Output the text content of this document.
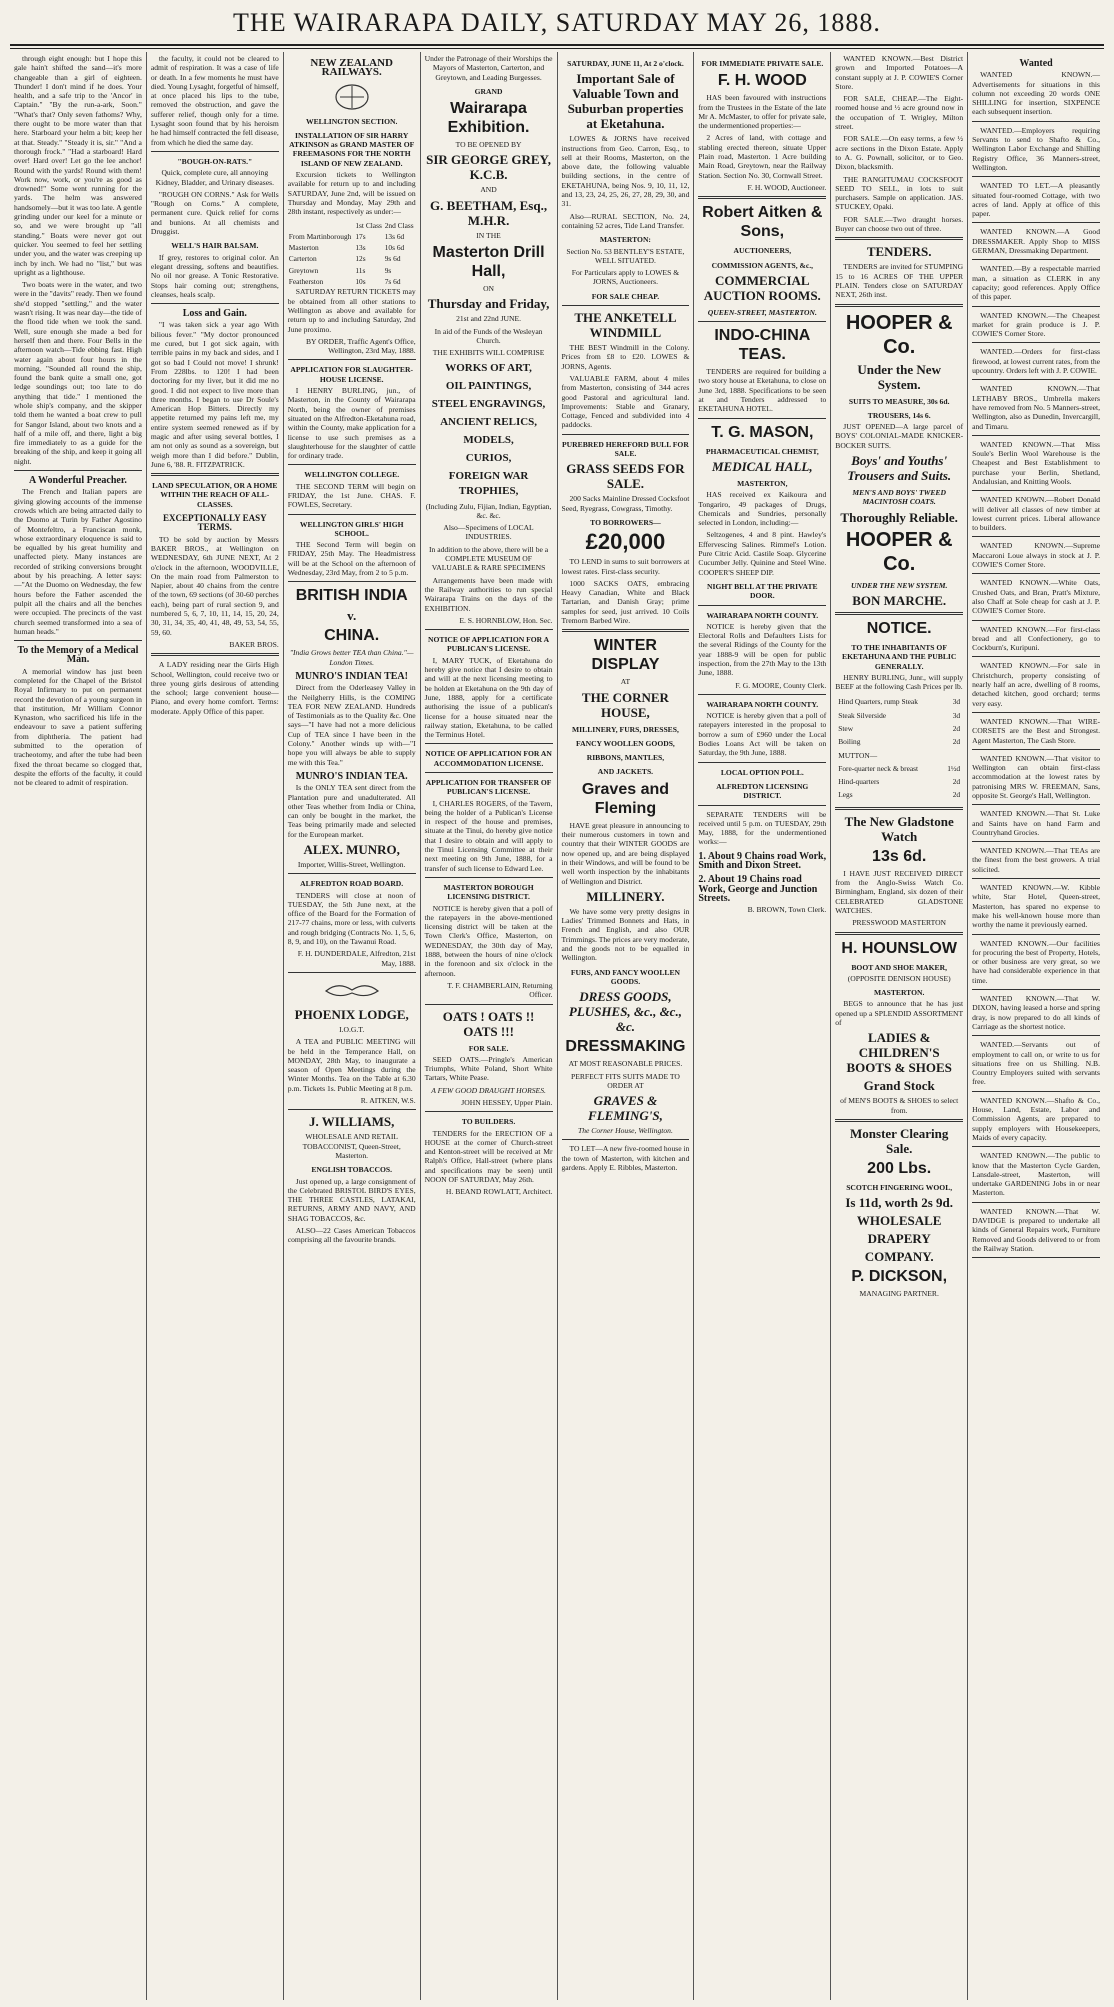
THE WAIRARAPA DAILY, SATURDAY MAY 26, 1888.

through eight enough: but I hope this gale hain't shifted the sand—it's more changeable than a girl of eighteen. Thunder! I don't mind if he does. Your health, and a safe trip to the 'Ancor' in Captain." "By the run-a-ark, Soon." "What's that? Only seven fathoms? Why, there ought to be more water than that here. Starboard your helm a bit; keep her at that. Steady." "Steady it is, sir." "And a thorough frock." "Had a starboard! Hard over! Hard over! Let go the lee anchor! Round with the yards! Round with them! Work now, work, or you're as good as drowned!" Some went running for the yards. The helm was answered handsomely—but it was too late. A gentle grinding under our keel for a minute or so, and we were brought up "all standing." Boats were never got out quicker. You seemed to feel her settling under you, and the water was creeping up inch by inch. We had no "list," but was upright as a lighthouse.

Two boats were in the water, and two were in the "davits" ready. Then we found she'd stopped "settling," and the water wasn't rising. It was near day—the tide of the flood tide when we took the sand. Well, sure enough she made a bed for herself then and there. Four Bells in the afternoon watch—Tide ebbing fast. High water again about four hours in the morning. "Sounded all round the ship, found the bank quite a small one, got ledge soundings out; too late to do anything that tide." I mentioned the whole ship's company, and the skipper told them he wanted a boat crew to pull for Sangor Island, about two knots and a half of a mile off, and there, light a big fire immediately to as a guide for the breaking of the ship, and keep it going all night.

A Wonderful Preacher.

The French and Italian papers are giving glowing accounts of the immense crowds which are being attracted daily to the Duomo at Turin by Father Agostino of Montefeltro, a Franciscan monk, whose extraordinary eloquence is said to be equalled by his great humility and unaffected piety. Many instances are recorded of striking conversions brought about by his preaching. A letter says:—"At the Duomo on Wednesday, the few hours before the Father ascended the pulpit all the chairs and all the benches were occupied. The precincts of the vast church seemed transformed into a sea of human heads."

To the Memory of a Medical Man.

A memorial window has just been completed for the Chapel of the Bristol Royal Infirmary to put on permanent record the devotion of a young surgeon in that institution, Mr William Connor Kynaston, who sacrificed his life in the endeavour to save a patient suffering from diphtheria. The patient had submitted to the operation of tracheotomy, and after the tube had been fixed the throat became so clogged that, despite the efforts of the faculty, it could not be cleared to admit of respiration.

the faculty, it could not be cleared to admit of respiration. It was a case of life or death. In a few moments he must have died. Young Lysaght, forgetful of himself, at once placed his lips to the tube, removed the obstruction, and gave the sufferer relief, though only for a time. Lysaght soon found that by his heroism he had himself contracted the fell disease, from which he died the same day.

"BOUGH-ON-RATS."

Quick, complete cure, all annoying Kidney, Bladder, and Urinary diseases.

"ROUGH ON CORNS." Ask for Wells "Rough on Corns." A complete, permanent cure. Quick relief for corns and bunions. At all chemists and Druggist.

WELL'S HAIR BALSAM.

If grey, restores to original color. An elegant dressing, softens and beautifies. No oil nor grease. A Tonic Restorative. Stops hair coming out; strengthens, cleanses, heals scalp.

Loss and Gain.

"I was taken sick a year ago With bilious fever." "My doctor pronounced me cured, but I got sick again, with terrible pains in my back and sides, and I got so bad I Could not move! I shrunk! From 228lbs. to 120! I had been doctoring for my liver, but it did me no good. I did not expect to live more than three months. I began to use Dr Soule's American Hop Bitters. Directly my appetite returned my pains left me, my entire system seemed renewed as if by magic and after using several bottles, I am not only as sound as a sovereign, but weigh more than I did before." Dublin, June 6, '88. R. FITZPATRICK.

LAND SPECULATION, OR A HOME WITHIN THE REACH OF ALL-CLASSES.
EXCEPTIONALLY EASY TERMS.

TO be sold by auction by Messrs BAKER BROS., at Wellington on WEDNESDAY, 6th JUNE NEXT, At 2 o'clock in the afternoon, WOODVILLE, On the main road from Palmerston to Napier, about 40 chains from the centre of the town, 69 sections (of 30-60 perches each), being part of rural section 9, and numbered 5, 6, 7, 10, 11, 14, 15, 20, 24, 30, 31, 34, 35, 40, 41, 48, 49, 53, 54, 55, 59, 60.

BAKER BROS.

A LADY residing near the Girls High School, Wellington, could receive two or three young girls desirous of attending the school; large convenient house—Piano, and every home comfort. Terms: moderate. Apply Office of this paper.

NEW ZEALAND RAILWAYS.
WELLINGTON SECTION.
INSTALLATION OF SIR HARRY ATKINSON as GRAND MASTER OF FREEMASONS FOR THE NORTH ISLAND OF NEW ZEALAND.

Excursion tickets to Wellington available for return up to and including SATURDAY, June 2nd, will be issued on Thursday and Monday, May 29th and 28th instant, respectively as under:—

	1st Class	2nd Class
From Martinborough	17s	13s 6d
Masterton	13s	10s 6d
Carterton	12s	9s 6d
Greytown	11s	9s
Featherston	10s	7s 6d

SATURDAY RETURN TICKETS may be obtained from all other stations to Wellington as above and available for return up to and including Saturday, 2nd June proximo.

BY ORDER, Traffic Agent's Office, Wellington, 23rd May, 1888.

APPLICATION FOR SLAUGHTER-HOUSE LICENSE.

I HENRY BURLING, jun., of Masterton, in the County of Wairarapa North, being the owner of premises situated on the Alfredton-Eketahuna road, within the County, make application for a license to use such premises as a slaughterhouse for the slaughter of cattle for ordinary trade.

WELLINGTON COLLEGE.

THE SECOND TERM will begin on FRIDAY, the 1st June. CHAS. F. FOWLES, Secretary.

WELLINGTON GIRLS' HIGH SCHOOL.

THE Second Term will begin on FRIDAY, 25th May. The Headmistress will be at the School on the afternoon of Wednesday, 23rd May, from 2 to 5 p.m.

BRITISH INDIA
v.
CHINA.

"India Grows better TEA than China."—London Times.

MUNRO'S INDIAN TEA!

Direct from the Oderleasey Valley in the Neilgherry Hills, is the COMING TEA FOR NEW ZEALAND. Hundreds of Testimonials as to the Quality &c. One says—"I have had not a more delicious Cup of TEA since I have been in the Colony." Another winds up with—"I hope you will always be able to supply me with this Tea."

MUNRO'S INDIAN TEA.

Is the ONLY TEA sent direct from the Plantation pure and unadulterated. All other Teas whether from India or China, can only be bought in the market, the Teas being primarily made and selected for the European market.

ALEX. MUNRO,

Importer, Willis-Street, Wellington.

ALFREDTON ROAD BOARD.

TENDERS will close at noon of TUESDAY, the 5th June next, at the office of the Board for the Formation of 217-77 chains, more or less, with culverts and rough bridging (Contracts No. 1, 5, 6, 8, 9, and 10), on the Tawanui Road.

F. H. DUNDERDALE, Alfredton, 21st May, 1888.

PHOENIX LODGE,

I.O.G.T.

A TEA and PUBLIC MEETING will be held in the Temperance Hall, on MONDAY, 28th May, to inaugurate a season of Open Meetings during the Winter Months. Tea on the Table at 6.30 p.m. Tickets 1s. Public Meeting at 8 p.m.

R. AITKEN, W.S.

J. WILLIAMS,

WHOLESALE AND RETAIL TOBACCONIST, Queen-Street, Masterton.

ENGLISH TOBACCOS.

Just opened up, a large consignment of the Celebrated BRISTOL BIRD'S EYES, THE THREE CASTLES, LATAKAI, RETURNS, ARMY AND NAVY, AND SHAG TOBACCOS, &c.

ALSO—22 Cases American Tobaccos comprising all the favourite brands.

Under the Patronage of their Worships the Mayors of Masterton, Carterton, and Greytown, and Leading Burgesses.

GRAND
Wairarapa Exhibition.

TO BE OPENED BY

SIR GEORGE GREY, K.C.B.

AND

G. BEETHAM, Esq., M.H.R.

IN THE

Masterton Drill Hall,

ON

Thursday and Friday,

21st and 22nd JUNE.

In aid of the Funds of the Wesleyan Church.

THE EXHIBITS WILL COMPRISE

WORKS OF ART,
OIL PAINTINGS,
STEEL ENGRAVINGS,
ANCIENT RELICS,
MODELS,
CURIOS,
FOREIGN WAR TROPHIES,

(Including Zulu, Fijian, Indian, Egyptian, &c. &c.

Also—Specimens of LOCAL INDUSTRIES.

In addition to the above, there will be a COMPLETE MUSEUM OF VALUABLE & RARE SPECIMENS

Arrangements have been made with the Railway authorities to run special Wairarapa Trains on the days of the EXHIBITION.

E. S. HORNBLOW, Hon. Sec.

NOTICE OF APPLICATION FOR A PUBLICAN'S LICENSE.

I, MARY TUCK, of Eketahuna do hereby give notice that I desire to obtain and will at the next licensing meeting to be holden at Eketahuna on the 9th day of June, 1888, apply for a certificate authorising the issue of a publican's license for a house situated near the railway station, Eketahuna, to be called the Terminus Hotel.

NOTICE OF APPLICATION FOR AN ACCOMMODATION LICENSE.
APPLICATION FOR TRANSFER OF PUBLICAN'S LICENSE.

I, CHARLES ROGERS, of the Tavern, being the holder of a Publican's License in respect of the house and premises, situate at the Tinui, do hereby give notice that I desire to obtain and will apply to the Tinui Licensing Committee at their next meeting on 9th June, 1888, for a transfer of such license to Edward Lee.

MASTERTON BOROUGH LICENSING DISTRICT.

NOTICE is hereby given that a poll of the ratepayers in the above-mentioned licensing district will be taken at the Town Clerk's Office, Masterton, on WEDNESDAY, the 30th day of May, 1888, between the hours of nine o'clock in the forenoon and six o'clock in the afternoon.

T. F. CHAMBERLAIN, Returning Officer.

OATS ! OATS !! OATS !!!
FOR SALE.

SEED OATS.—Pringle's American Triumphs, White Poland, Short White Tartars, White Pease.

A FEW GOOD DRAUGHT HORSES.

JOHN HESSEY, Upper Plain.

TO BUILDERS.

TENDERS for the ERECTION OF a HOUSE at the corner of Church-street and Kenton-street will be received at Mr Ralph's Office, Hall-street (where plans and specifications may be seen) until NOON OF SATURDAY, May 26th.

H. BEAND ROWLATT, Architect.

SATURDAY, JUNE 11, At 2 o'clock.
Important Sale of Valuable Town and Suburban properties at Eketahuna.

LOWES & JORNS have received instructions from Geo. Carron, Esq., to sell at their Rooms, Masterton, on the above date, the following valuable building sections, in the centre of EKETAHUNA, being Nos. 9, 10, 11, 12, and 13, 23, 24, 25, 26, 27, 28, 29, 30, and 31.

Also—RURAL SECTION, No. 24, containing 52 acres, Tide Land Transfer.

MASTERTON:

Section No. 53 BENTLEY'S ESTATE, WELL SITUATED.

For Particulars apply to LOWES & JORNS, Auctioneers.

FOR SALE CHEAP.
THE ANKETELL WINDMILL

THE BEST Windmill in the Colony. Prices from £8 to £20. LOWES & JORNS, Agents.

VALUABLE FARM, about 4 miles from Masterton, consisting of 344 acres good Pastoral and agricultural land. Improvements: Stable and Granary, Cottage, Fenced and subdivided into 4 paddocks.

PUREBRED HEREFORD BULL FOR SALE.
GRASS SEEDS FOR SALE.

200 Sacks Mainline Dressed Cocksfoot Seed, Ryegrass, Cowgrass, Timothy.

TO BORROWERS—
£20,000

TO LEND in sums to suit borrowers at lowest rates. First-class security.

1000 SACKS OATS, embracing Heavy Canadian, White and Black Tartarian, and Danish Gray; prime samples for seed, just arrived. 10 Coils Tremorn Barbed Wire.

WINTER DISPLAY

AT

THE CORNER HOUSE,
MILLINERY, FURS, DRESSES,
FANCY WOOLLEN GOODS,
RIBBONS, MANTLES,
AND JACKETS.
Graves and Fleming

HAVE great pleasure in announcing to their numerous customers in town and country that their WINTER GOODS are now opened up, and are being displayed in their Windows, and will be found to be well worth inspection by the inhabitants of Wellington and District.

MILLINERY.

We have some very pretty designs in Ladies' Trimmed Bonnets and Hats, in French and English, and also OUR Trimmings. The prices are very moderate, and the goods not to be equalled in Wellington.

FURS, AND FANCY WOOLLEN GOODS.
DRESS GOODS, PLUSHES, &c., &c., &c.
DRESSMAKING

AT MOST REASONABLE PRICES.

PERFECT FITS SUITS MADE TO ORDER AT

GRAVES & FLEMING'S,

The Corner House, Wellington.

TO LET—A new five-roomed house in the town of Masterton, with kitchen and gardens. Apply E. Ribbles, Masterton.

FOR IMMEDIATE PRIVATE SALE.
F. H. WOOD

HAS been favoured with instructions from the Trustees in the Estate of the late Mr A. McMaster, to offer for private sale, the undermentioned properties:—

2 Acres of land, with cottage and stabling erected thereon, situate Upper Plain road, Masterton. 1 Acre building Main Road, Greytown, near the Railway Station. Section No. 30, Cornwall Street.

F. H. WOOD, Auctioneer.

Robert Aitken & Sons,
AUCTIONEERS,
COMMISSION AGENTS, &c.,
COMMERCIAL AUCTION ROOMS.
QUEEN-STREET, MASTERTON.
INDO-CHINA TEAS.

TENDERS are required for building a two story house at Eketahuna, to close on June 3rd, 1888. Specifications to be seen at and Tenders addressed to EKETAHUNA HOTEL.

T. G. MASON,
PHARMACEUTICAL CHEMIST,
MEDICAL HALL,
MASTERTON,

HAS received ex Kaikoura and Tongariro, 49 packages of Drugs, Chemicals and Sundries, personally selected in London, including:—

Seltzogenes, 4 and 8 pint. Hawley's Effervescing Salines. Rimmel's Lotion. Pure Citric Acid. Castile Soap. Glycerine Cucumber Jelly. Quinine and Steel Wine. COOPER'S SHEEP DIP.

NIGHT BELL AT THE PRIVATE DOOR.
WAIRARAPA NORTH COUNTY.

NOTICE is hereby given that the Electoral Rolls and Defaulters Lists for the several Ridings of the County for the year 1888-9 will be open for public inspection, from the 27th May to the 13th June, 1888.

F. G. MOORE, County Clerk.

WAIRARAPA NORTH COUNTY.

NOTICE is hereby given that a poll of ratepayers interested in the proposal to borrow a sum of £960 under the Local Bodies Loans Act will be taken on Saturday, the 9th June, 1888.

LOCAL OPTION POLL.
ALFREDTON LICENSING DISTRICT.

SEPARATE TENDERS will be received until 5 p.m. on TUESDAY, 29th May, 1888, for the undermentioned works:—

1. About 9 Chains road Work, Smith and Dixon Street.
2. About 19 Chains road Work, George and Junction Streets.

B. BROWN, Town Clerk.

WANTED KNOWN.—Best District grown and Imported Potatoes—A constant supply at J. P. COWIE'S Corner Store.

FOR SALE, CHEAP.—The Eight-roomed house and ½ acre ground now in the occupation of T. Wrigley, Milton street.

FOR SALE.—On easy terms, a few ½ acre sections in the Dixon Estate. Apply to A. G. Pownall, solicitor, or to Geo. Dixon, blacksmith.

THE RANGITUMAU COCKSFOOT SEED TO SELL, in lots to suit purchasers. Sample on application. JAS. STUCKEY, Opaki.

FOR SALE.—Two draught horses. Buyer can choose two out of three.

TENDERS.

TENDERS are invited for STUMPING 15 to 16 ACRES OF THE UPPER PLAIN. Tenders close on SATURDAY NEXT, 26th inst.

HOOPER & Co.
Under the New System.
SUITS TO MEASURE, 30s 6d.
TROUSERS, 14s 6.

JUST OPENED—A large parcel of BOYS' COLONIAL-MADE KNICKER-BOCKER SUITS.

Boys' and Youths' Trousers and Suits.
MEN'S AND BOYS' TWEED MACINTOSH COATS.
Thoroughly Reliable.
HOOPER & Co.
UNDER THE NEW SYSTEM.
BON MARCHE.
NOTICE.
TO THE INHABITANTS OF EKETAHUNA AND THE PUBLIC GENERALLY.

HENRY BURLING, Junr., will supply BEEF at the following Cash Prices per lb.

Hind Quarters, rump Steak	3d
Steak Silverside	3d
Stew	2d
Boiling	2d
MUTTON—	
Fore-quarter neck & breast	1½d
Hind-quarters	2d
Legs	2d
The New Gladstone Watch
13s 6d.

I HAVE JUST RECEIVED DIRECT from the Anglo-Swiss Watch Co. Birmingham, England, six dozen of their CELEBRATED GLADSTONE WATCHES.

PRESSWOOD MASTERTON

H. HOUNSLOW
BOOT AND SHOE MAKER,

(OPPOSITE DENISON HOUSE)

MASTERTON.

BEGS to announce that he has just opened up a SPLENDID ASSORTMENT of

LADIES & CHILDREN'S BOOTS & SHOES
Grand Stock

of MEN'S BOOTS & SHOES to select from.

Monster Clearing Sale.
200 Lbs.
SCOTCH FINGERING WOOL,
Is 11d, worth 2s 9d.
WHOLESALE
DRAPERY
COMPANY.
P. DICKSON,

MANAGING PARTNER.

Wanted

WANTED KNOWN.—Advertisements for situations in this column not exceeding 20 words ONE SHILLING for insertion, SIXPENCE each subsequent insertion.

WANTED.—Employers requiring Servants to send to Shafto & Co., Wellington Labor Exchange and Shilling Registry Office, 36 Manners-street, Wellington.

WANTED TO LET.—A pleasantly situated four-roomed Cottage, with two acres of land. Apply at office of this paper.

WANTED KNOWN.—A Good DRESSMAKER. Apply Shop to MISS GERMAN, Dressmaking Department.

WANTED.—By a respectable married man, a situation as CLERK in any capacity; good references. Apply Office of this paper.

WANTED KNOWN.—The Cheapest market for grain produce is J. P. COWIE'S Corner Store.

WANTED.—Orders for first-class firewood, at lowest current rates, from the upcountry. Orders left with J. P. COWIE.

WANTED KNOWN.—That LETHABY BROS., Umbrella makers have removed from No. 5 Manners-street, Wellington, also as Dunedin, Invercargill, and Timaru.

WANTED KNOWN.—That Miss Soule's Berlin Wool Warehouse is the Cheapest and Best Establishment to purchase your Berlin, Shetland, Andalusian, and Knitting Wools.

WANTED KNOWN.—Robert Donald will deliver all classes of new timber at lowest current prices. Liberal allowance to builders.

WANTED KNOWN.—Supreme Maccaroni Loue always in stock at J. P. COWIE'S Corner Store.

WANTED KNOWN.—White Oats, Crushed Oats, and Bran, Pratt's Mixture, also Chaff at Sole cheap for cash at J. P. COWIE'S Corner Store.

WANTED KNOWN.—For first-class bread and all Confectionery, go to Cockburn's, Kuripuni.

WANTED KNOWN.—For sale in Christchurch, property consisting of nearly half an acre, dwelling of 8 rooms, detached kitchen, good orchard; terms very easy.

WANTED KNOWN.—That WIRE-CORSETS are the Best and Strongest. Agent Masterton, The Cash Store.

WANTED KNOWN.—That visitor to Wellington can obtain first-class accommodation at the lowest rates by patronising MRS W. FREEMAN, Sans, opposite St. George's Hall, Wellington.

WANTED KNOWN.—That St. Luke and Saints have on hand Farm and Countryhand Grocies.

WANTED KNOWN.—That TEAs are the finest from the best growers. A trial solicited.

WANTED KNOWN.—W. Kibble white, Star Hotel, Queen-street, Masterton, has spared no expense to make his well-known house more than worthy the name it previously earned.

WANTED KNOWN.—Our facilities for procuring the best of Property, Hotels, or other business are very great, so we have had considerable experience in that time.

WANTED KNOWN.—That W. DIXON, having leased a horse and spring dray, is now prepared to do all kinds of Carriage as the shortest notice.

WANTED.—Servants out of employment to call on, or write to us for situations free on us Shilling. N.B. Country Employers suited with servants free.

WANTED KNOWN.—Shafto & Co., House, Land, Estate, Labor and Commission Agents, are prepared to supply employers with Housekeepers, Maids of every capacity.

WANTED KNOWN.—The public to know that the Masterton Cycle Garden, Lansdale-street, Masterton, will undertake GARDENING Jobs in or near Masterton.

WANTED KNOWN.—That W. DAVIDGE is prepared to undertake all kinds of General Repairs work, Furniture Removed and Goods delivered to or from the Railway Station.
